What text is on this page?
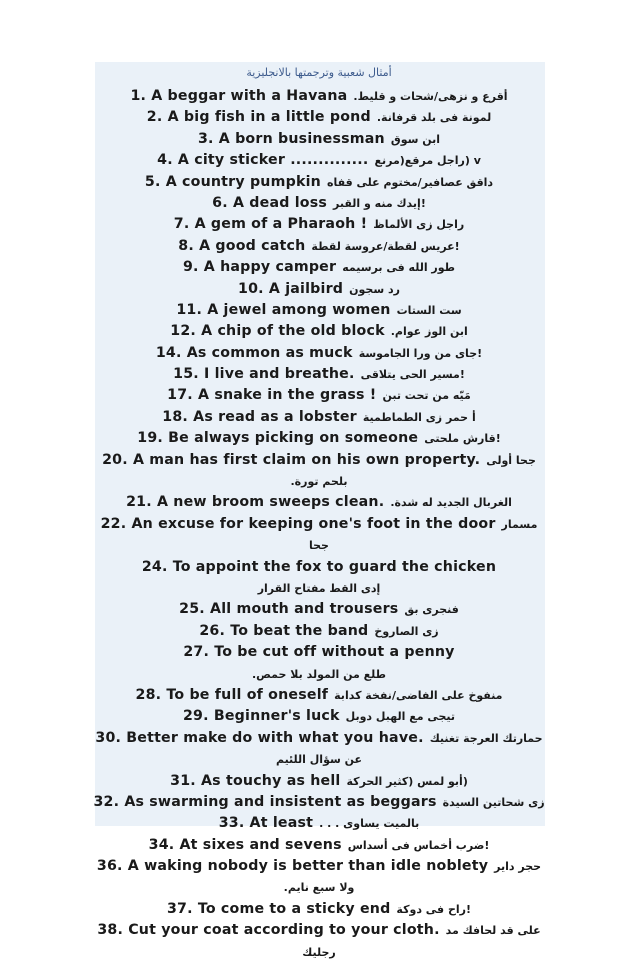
أمثال شعبية وترجمتها بالانجليزية
1. A beggar with a Havana أقرع و نزهى/شحات و قليط.
2. A big fish in a little pond لمونة فى بلد قرفانة.
3. A born businessman ابن سوق
4. A city sticker .............. v (راجل مرقع(مرنع
5. A country pumpkin داقق عصافير/مختوم على قفاه
6. A dead loss !إيدك منه و القبر
7. A gem of a Pharaoh ! راجل زى الألماظ
8. A good catch !عريس لقطة/عروسة لقطة
9. A happy camper طور الله فى برسيمه
10. A jailbird رد سجون
11. A jewel among women ست الستات
12. A chip of the old block ابن الوز عوام.
14. As common as muck !جاى من ورا الجاموسة
15. I live and breathe. !مسير الحى يتلاقى
17. A snake in the grass ! مَيّه من تحت تبن
18. As read as a lobster أ حمر زى الطماطمية
19. Be always picking on someone !قارش ملحتى
20. A man has first claim on his own property. جحا أولى
بلحم تورة.
21. A new broom sweeps clean. الغربال الجديد له شدة.
22. An excuse for keeping one's foot in the door مسمار
جحا
24. To appoint the fox to guard the chicken
إدى القط مفتاح القرار
25. All mouth and trousers فنجرى بق
26. To beat the band زى الصاروخ
27. To be cut off without a penny
طلع من المولد بلا حمص.
28. To be full of oneself منفوخ على الفاضى/نفخة كدابة
29. Beginner's luck تيجى مع الهبل دوبل
30. Better make do with what you have. حمارتك العرجة تغنيك
عن سؤال اللئيم
31. As touchy as hell (أبو لمس (كثير الحركة
32. As swarming and insistent as beggars زى شحاتين السيدة
33. At least بالميت يساوى . . .
34. At sixes and sevens !ضرب أخماس فى أسداس
36. A waking nobody is better than idle noblety حجر داير
ولا سبع نايم.
37. To come to a sticky end !راح فى دوكة
38. Cut your coat according to your cloth. على قد لحافك مد
رجليك
